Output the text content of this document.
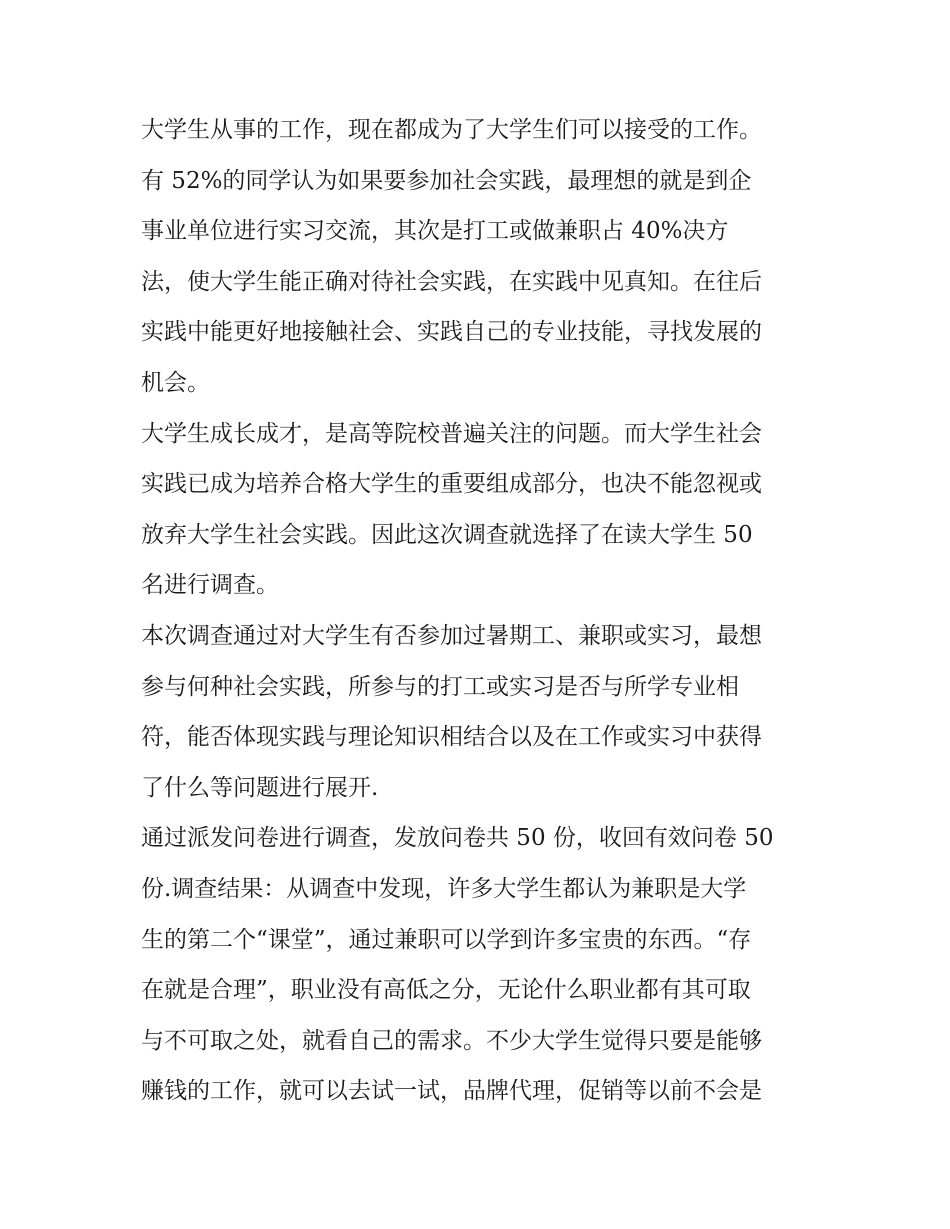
大学生从事的工作，现在都成为了大学生们可以接受的工作。
有 52%的同学认为如果要参加社会实践，最理想的就是到企
事业单位进行实习交流，其次是打工或做兼职占 40%决方
法，使大学生能正确对待社会实践，在实践中见真知。在往后
实践中能更好地接触社会、实践自己的专业技能，寻找发展的
机会。
大学生成长成才，是高等院校普遍关注的问题。而大学生社会
实践已成为培养合格大学生的重要组成部分，也决不能忽视或
放弃大学生社会实践。因此这次调查就选择了在读大学生 50
名进行调查。
本次调查通过对大学生有否参加过暑期工、兼职或实习，最想
参与何种社会实践，所参与的打工或实习是否与所学专业相
符，能否体现实践与理论知识相结合以及在工作或实习中获得
了什么等问题进行展开.
通过派发问卷进行调查，发放问卷共 50 份，收回有效问卷 50
份.调查结果：从调查中发现，许多大学生都认为兼职是大学
生的第二个“课堂”，通过兼职可以学到许多宝贵的东西。“存
在就是合理”，职业没有高低之分，无论什么职业都有其可取
与不可取之处，就看自己的需求。不少大学生觉得只要是能够
赚钱的工作，就可以去试一试，品牌代理，促销等以前不会是
